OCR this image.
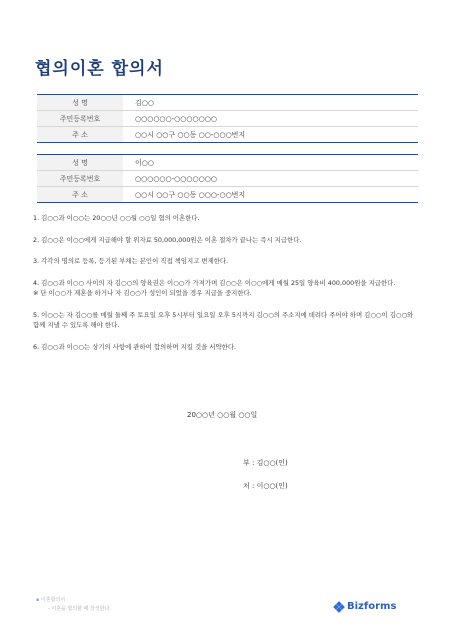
협의이혼 합의서
성 명	김○○
주민등록번호	○○○○○○-○○○○○○○
주 소	○○시 ○○구 ○○동 ○○-○○○번지
성 명	이○○
주민등록번호	○○○○○○-○○○○○○○
주 소	○○시 ○○구 ○○동 ○○○-○○번지

1. 김○○과 이○○는 20○○년 ○○월 ○○일 협의 이혼한다.

2. 김○○은 이○○에게 지급해야 할 위자료 50,000,000원은 이혼 절차가 끝나는 즉시 지급한다.

3. 각각의 명의로 등록, 등기된 부채는 본인이 직접 책임지고 변제한다.

4. 김○○과 이○○ 사이의 자 김○○의 양육권은 이○○가 가져가며 김○○은 이○○에게 매월 25일 양육비 400,000원을 지급한다.

※ 단 이○○가 재혼을 하거나 자 김○○가 성인이 되었을 경우 지급을 중지한다.

5. 이○○는 자 김○○를 매월 둘째 주 토요일 오후 5시부터 일요일 오후 5시까지 김○○의 주소지에 데려다 주어야 하며 김○○이 김○○와 함께 지낼 수 있도록 해야 한다.

6. 김○○과 이○○는 상기의 사항에 관하여 합의하며 지킬 것을 서약한다.

20○○년 ○○월 ○○일
부 : 김○○(인)
처 : 이○○(인)
▪ 이혼합의서
- 이혼을 합의할 때 작성한다.	Bizforms
